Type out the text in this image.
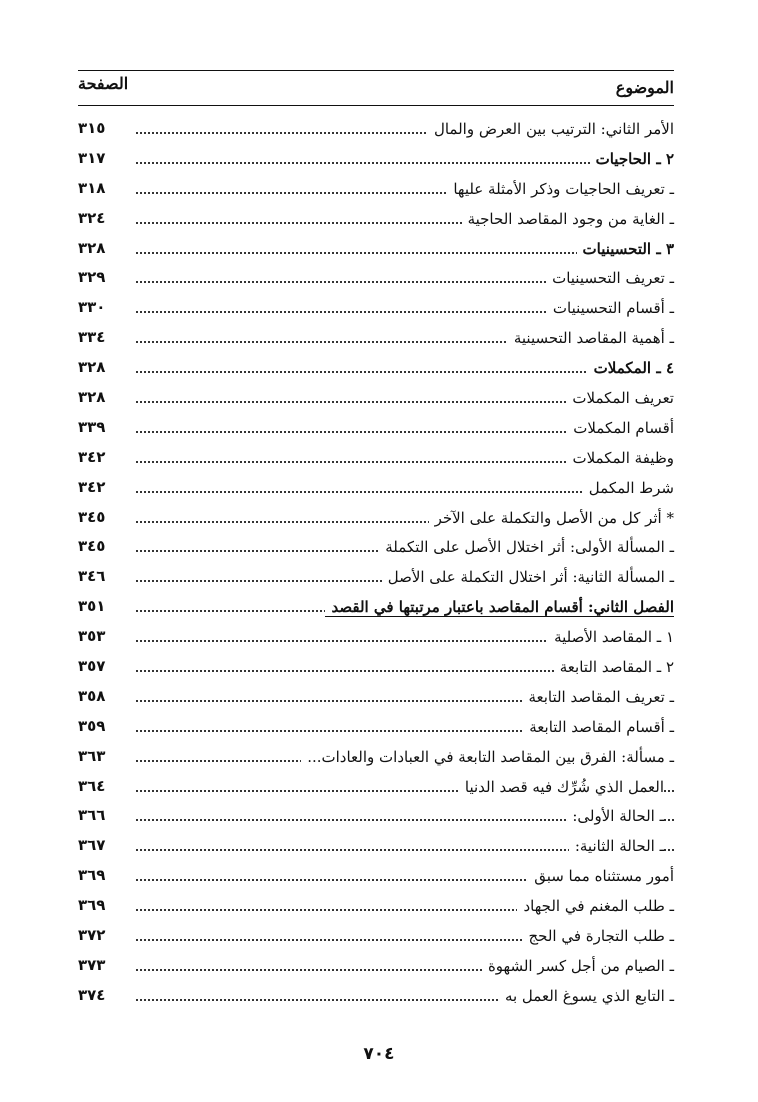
الموضوع
الصفحة
الأمر الثاني: الترتيب بين العرض والمال
٣١٥
٢ ـ الحاجيات
٣١٧
ـ تعريف الحاجيات وذكر الأمثلة عليها
٣١٨
ـ الغاية من وجود المقاصد الحاجية
٣٢٤
٣ ـ التحسينيات
٣٢٨
ـ تعريف التحسينيات
٣٢٩
ـ أقسام التحسينيات
٣٣٠
ـ أهمية المقاصد التحسينية
٣٣٤
٤ ـ المكملات
٣٢٨
تعريف المكملات
٣٢٨
أقسام المكملات
٣٣٩
وظيفة المكملات
٣٤٢
شرط المكمل
٣٤٢
* أثر كل من الأصل والتكملة على الآخر
٣٤٥
ـ المسألة الأولى: أثر اختلال الأصل على التكملة
٣٤٥
ـ المسألة الثانية: أثر اختلال التكملة على الأصل
٣٤٦
الفصل الثاني: أقسام المقاصد باعتبار مرتبتها في القصد
٣٥١
١ ـ المقاصد الأصلية
٣٥٣
٢ ـ المقاصد التابعة
٣٥٧
ـ تعريف المقاصد التابعة
٣٥٨
ـ أقسام المقاصد التابعة
٣٥٩
ـ مسألة: الفرق بين المقاصد التابعة في العبادات والعادات...
٣٦٣
العمل الذي شُرِّك فيه قصد الدنيا
٣٦٤
ـ الحالة الأولى:
٣٦٦
ـ الحالة الثانية:
٣٦٧
أمور مستثناه مما سبق
٣٦٩
ـ طلب المغنم في الجهاد
٣٦٩
ـ طلب التجارة في الحج
٣٧٢
ـ الصيام من أجل كسر الشهوة
٣٧٣
ـ التابع الذي يسوغ العمل به
٣٧٤
٧٠٤
